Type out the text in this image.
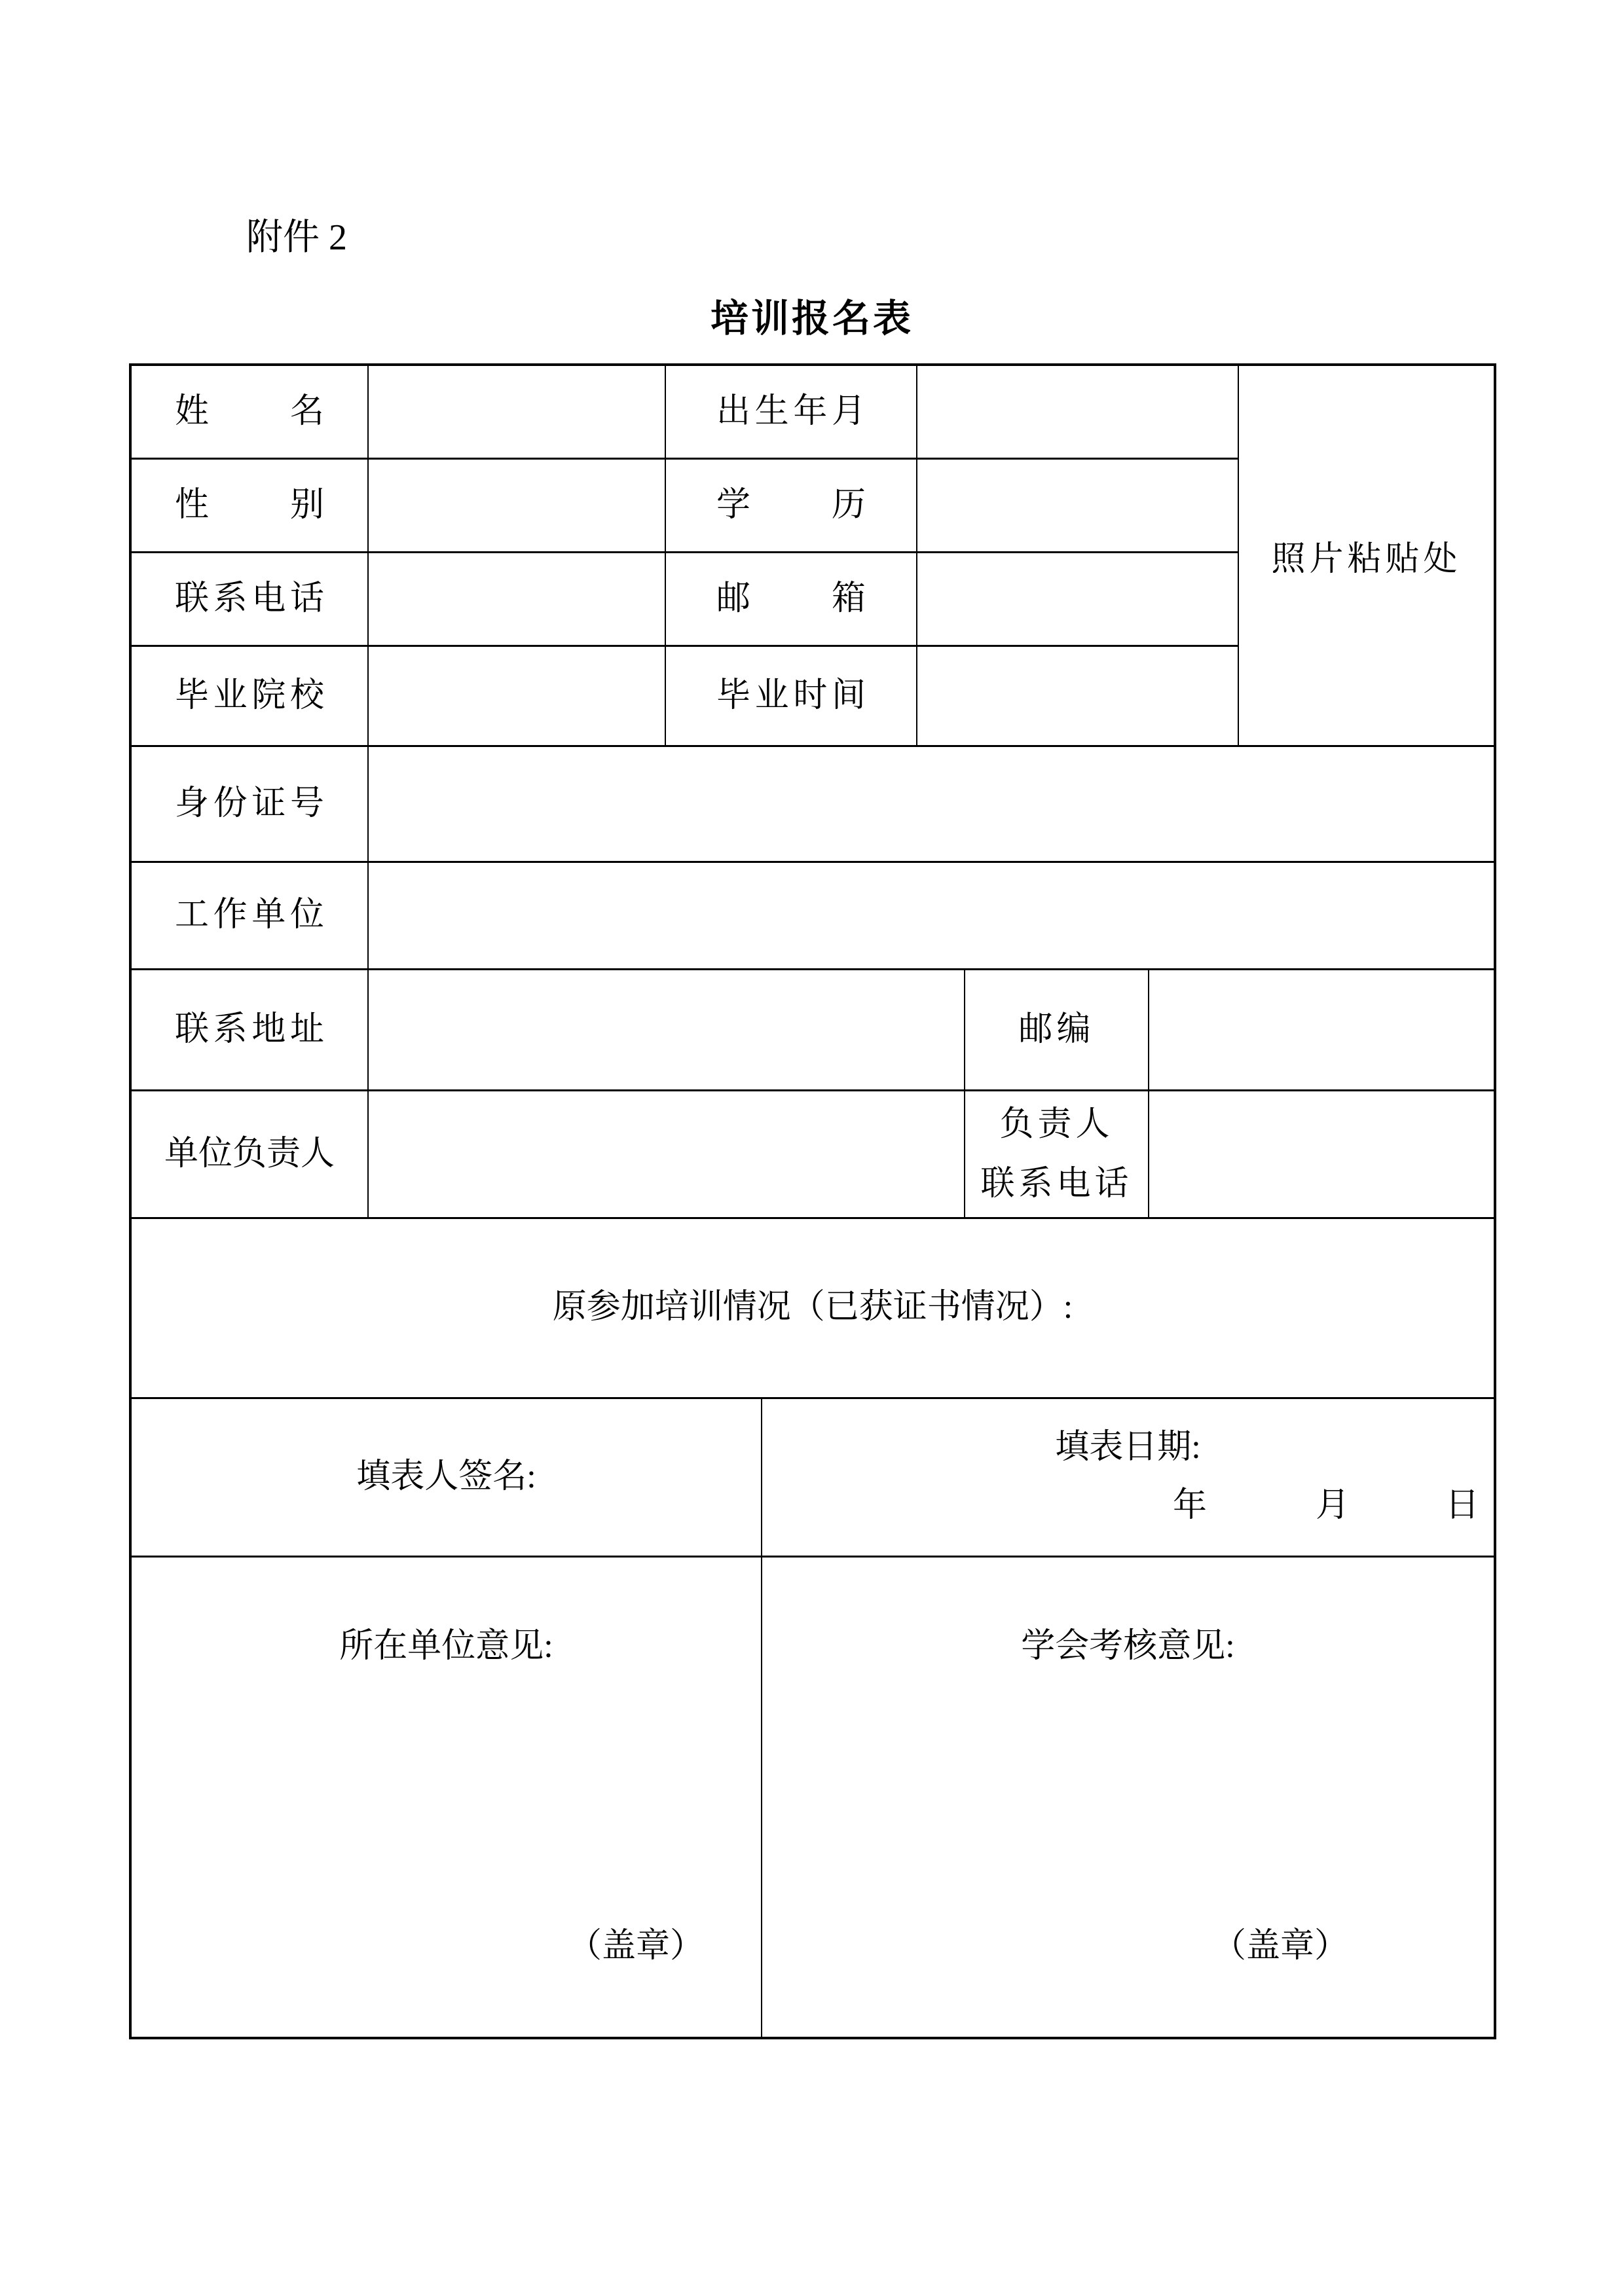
附件 2
培训报名表
姓名		出生年月					照片粘贴处
性别		学历					
联系电话		邮箱					
毕业院校		毕业时间					
身份证号							
工作单位							
联系地址					邮编		
单位负责人					负责人
联系电话		

原参加培训情况（已获证书情况）:							

填表人签名:			填表日期:
年 月 日				

所在单位意见:
（盖章）

学会考核意见:
（盖章）
